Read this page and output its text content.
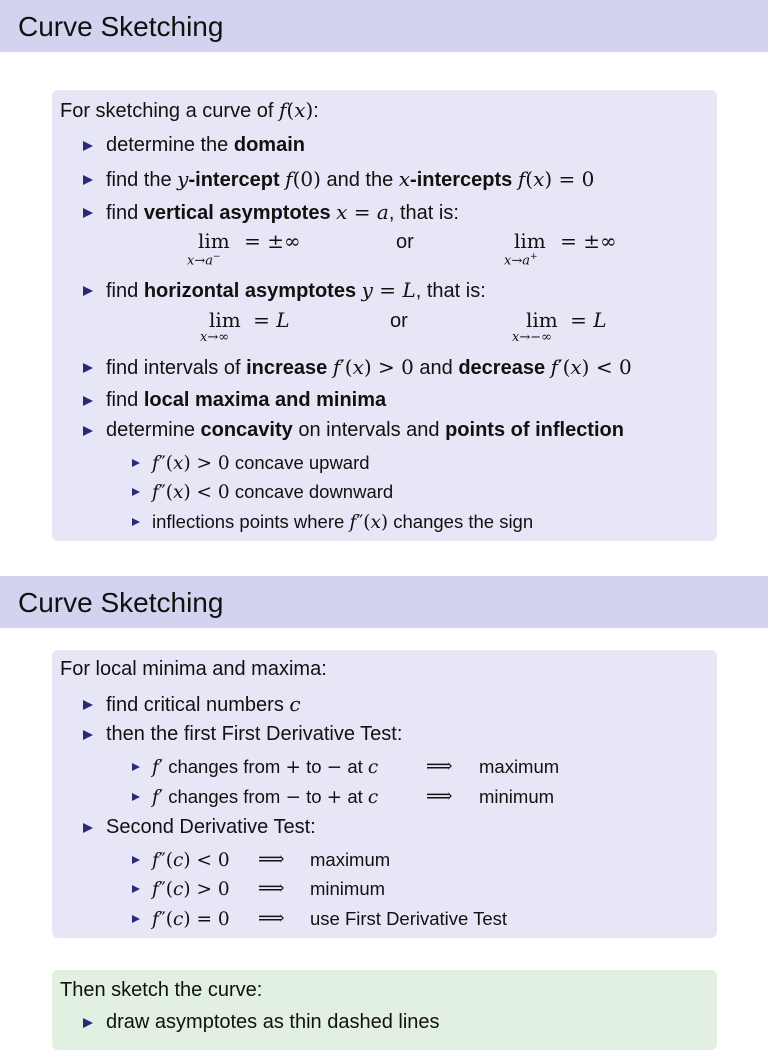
Curve Sketching
For sketching a curve of f(x):
determine the domain
find the y-intercept f(0) and the x-intercepts f(x) = 0
find vertical asymptotes x = a, that is:
lim = ±∞
x→a−
or	lim = ±∞
x→a+
find horizontal asymptotes y = L, that is:
lim = L
x→∞
or	lim = L
x→−∞
find intervals of increase f′(x) > 0 and decrease f′(x) < 0
find local maxima and minima
determine concavity on intervals and points of inflection
f″(x) > 0 concave upward
f″(x) < 0 concave downward
inflections points where f″(x) changes the sign
Curve Sketching
For local minima and maxima:
find critical numbers c
then the first First Derivative Test:
f′ changes from + to − at c	⟹ maximum
f′ changes from − to + at c	⟹ minimum
Second Derivative Test:
f″(c) < 0 ⟹ maximum
f″(c) > 0 ⟹ minimum
f″(c) = 0 ⟹ use First Derivative Test
Then sketch the curve:
draw asymptotes as thin dashed lines
